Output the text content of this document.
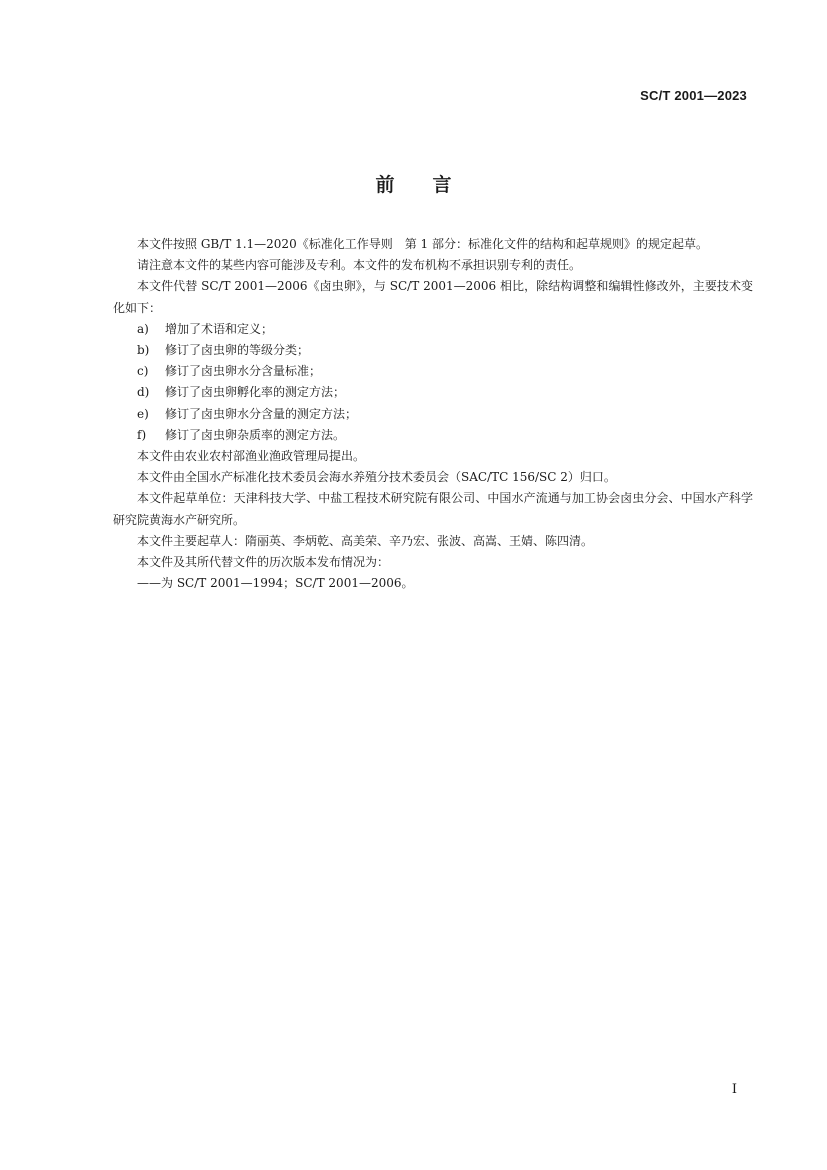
SC/T 2001—2023
前言

本文件按照 GB/T 1.1—2020《标准化工作导则　第 1 部分：标准化文件的结构和起草规则》的规定起草。

请注意本文件的某些内容可能涉及专利。本文件的发布机构不承担识别专利的责任。

本文件代替 SC/T 2001—2006《卤虫卵》，与 SC/T 2001—2006 相比，除结构调整和编辑性修改外，主要技术变化如下：

a) 增加了术语和定义；
b) 修订了卤虫卵的等级分类；
c) 修订了卤虫卵水分含量标准；
d) 修订了卤虫卵孵化率的测定方法；
e) 修订了卤虫卵水分含量的测定方法；
f) 修订了卤虫卵杂质率的测定方法。

本文件由农业农村部渔业渔政管理局提出。

本文件由全国水产标准化技术委员会海水养殖分技术委员会（SAC/TC 156/SC 2）归口。

本文件起草单位：天津科技大学、中盐工程技术研究院有限公司、中国水产流通与加工协会卤虫分会、中国水产科学研究院黄海水产研究所。

本文件主要起草人：隋丽英、李炳乾、高美荣、辛乃宏、张波、高嵩、王婧、陈四清。

本文件及其所代替文件的历次版本发布情况为：

——为 SC/T 2001—1994；SC/T 2001—2006。

I
